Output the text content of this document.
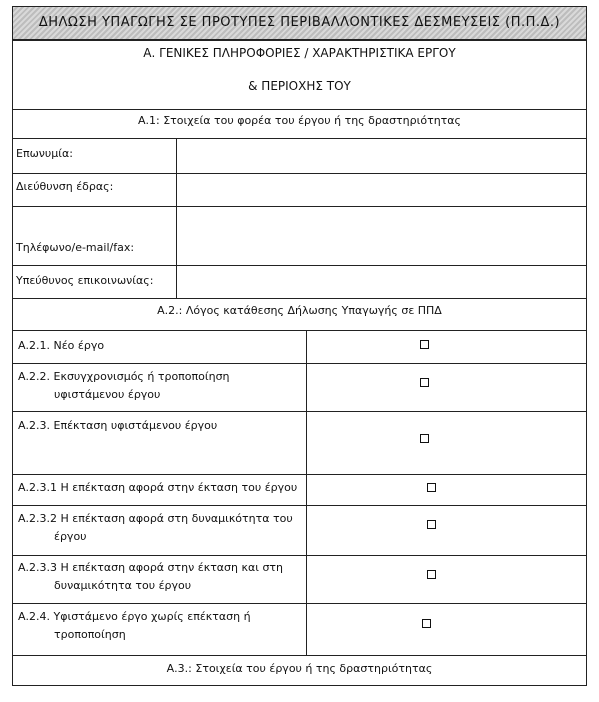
ΔΗΛΩΣΗ ΥΠΑΓΩΓΗΣ ΣΕ ΠΡΟΤΥΠΕΣ ΠΕΡΙΒΑΛΛΟΝΤΙΚΕΣ ΔΕΣΜΕΥΣΕΙΣ (Π.Π.Δ.)
Α. ΓΕΝΙΚΕΣ ΠΛΗΡΟΦΟΡΙΕΣ / ΧΑΡΑΚΤΗΡΙΣΤΙΚΑ ΕΡΓΟΥ
& ΠΕΡΙΟΧΗΣ ΤΟΥ
Α.1: Στοιχεία του φορέα του έργου ή της δραστηριότητας
Επωνυμία:
Διεύθυνση έδρας:
Τηλέφωνο/e-mail/fax:
Υπεύθυνος επικοινωνίας:
Α.2.: Λόγος κατάθεσης Δήλωσης Υπαγωγής σε ΠΠΔ
Α.2.1. Νέο έργο
Α.2.2. Εκσυγχρονισμός ή τροποποίηση
υφιστάμενου έργου
Α.2.3. Επέκταση υφιστάμενου έργου
Α.2.3.1 Η επέκταση αφορά στην έκταση του έργου
Α.2.3.2 Η επέκταση αφορά στη δυναμικότητα του
έργου
Α.2.3.3 Η επέκταση αφορά στην έκταση και στη
δυναμικότητα του έργου
Α.2.4. Υφιστάμενο έργο χωρίς επέκταση ή
τροποποίηση
Α.3.: Στοιχεία του έργου ή της δραστηριότητας
